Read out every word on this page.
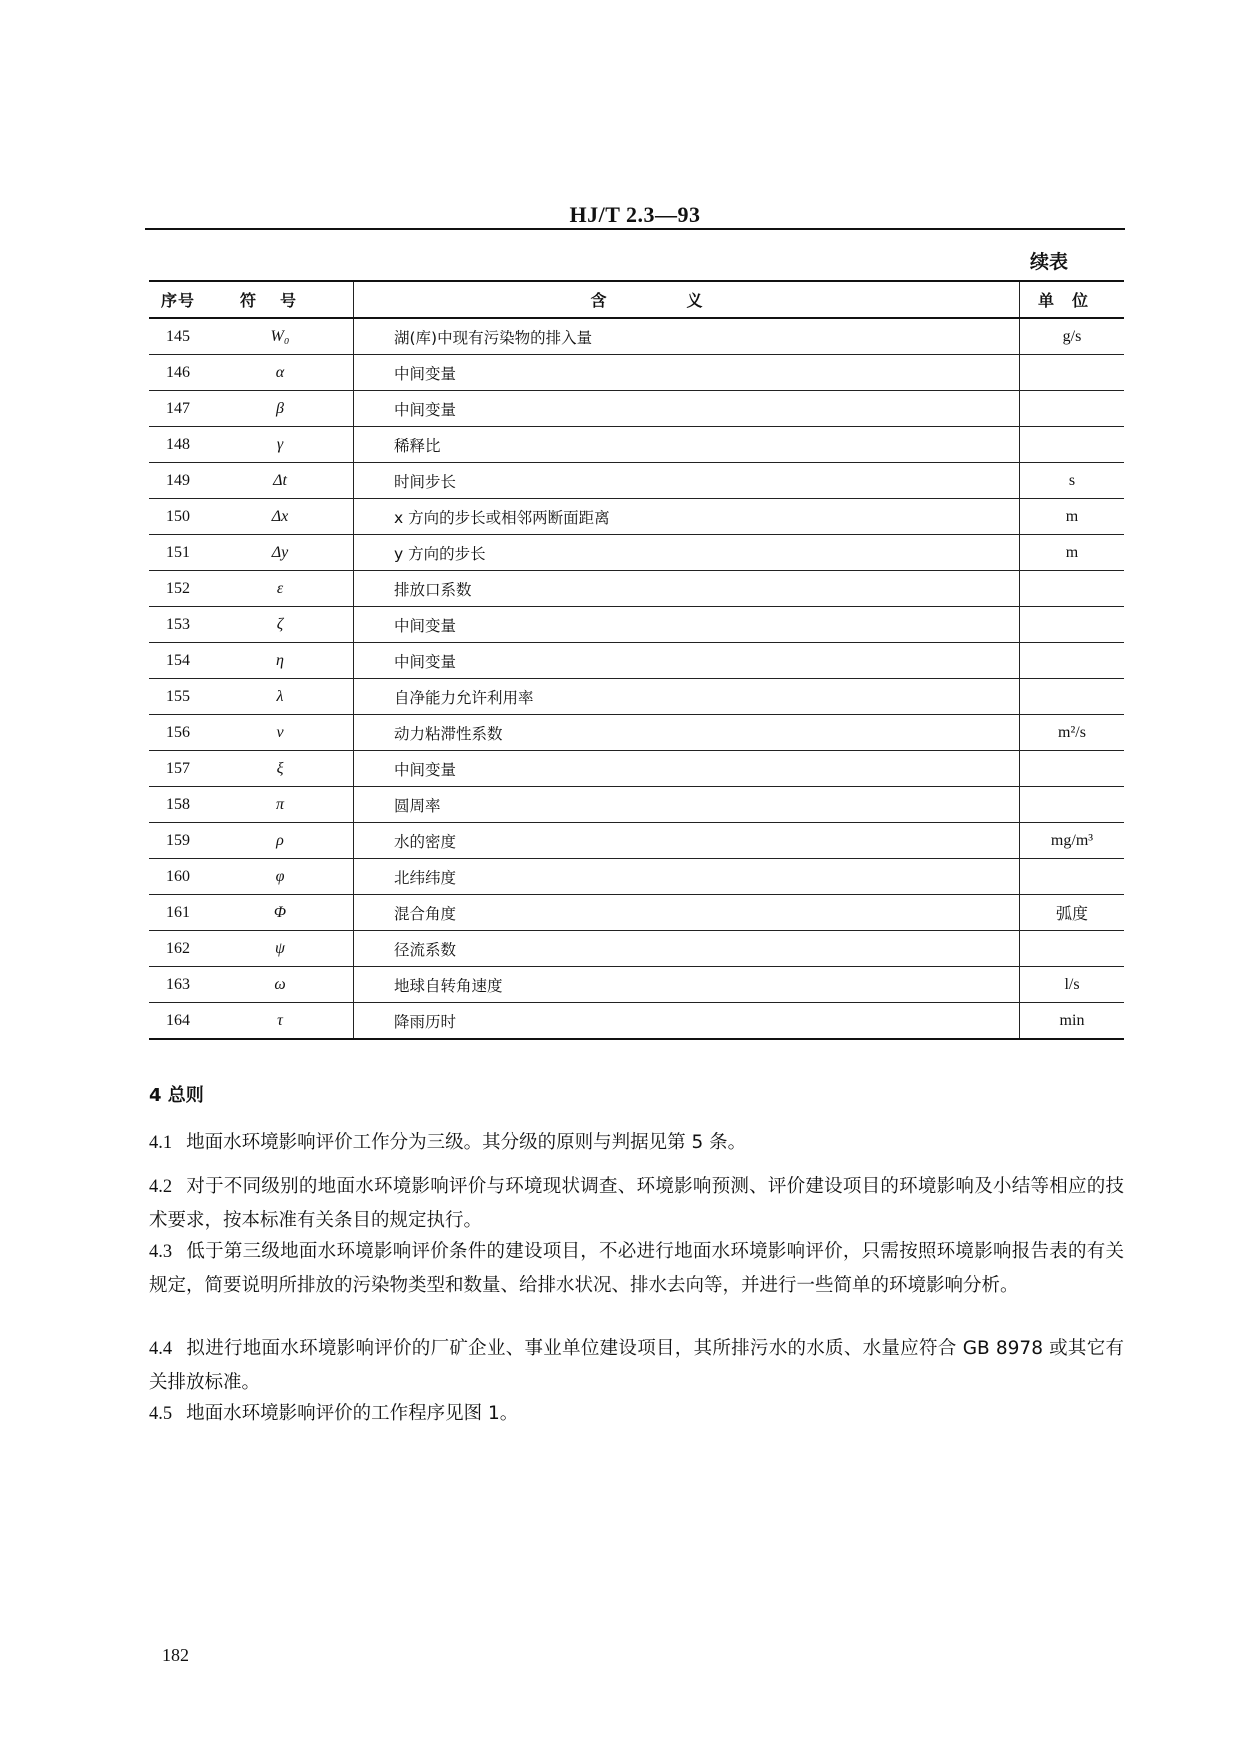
HJ/T 2.3—93
续表
序号	符号	含义	单位
145	W₀	湖(库)中现有污染物的排入量	g/s
146	α	中间变量	
147	β	中间变量	
148	γ	稀释比	
149	Δt	时间步长	s
150	Δx	x 方向的步长或相邻两断面距离	m
151	Δy	y 方向的步长	m
152	ε	排放口系数	
153	ζ	中间变量	
154	η	中间变量	
155	λ	自净能力允许利用率	
156	ν	动力粘滞性系数	m²/s
157	ξ	中间变量	
158	π	圆周率	
159	ρ	水的密度	mg/m³
160	φ	北纬纬度	
161	Φ	混合角度	弧度
162	ψ	径流系数	
163	ω	地球自转角速度	l/s
164	τ	降雨历时	min
4 总则
4.1 地面水环境影响评价工作分为三级。其分级的原则与判据见第 5 条。
4.2 对于不同级别的地面水环境影响评价与环境现状调查、环境影响预测、评价建设项目的环境影响及小结等相应的技术要求，按本标准有关条目的规定执行。
4.3 低于第三级地面水环境影响评价条件的建设项目，不必进行地面水环境影响评价，只需按照环境影响报告表的有关规定，简要说明所排放的污染物类型和数量、给排水状况、排水去向等，并进行一些简单的环境影响分析。
4.4 拟进行地面水环境影响评价的厂矿企业、事业单位建设项目，其所排污水的水质、水量应符合 GB 8978 或其它有关排放标准。
4.5 地面水环境影响评价的工作程序见图 1。
182
